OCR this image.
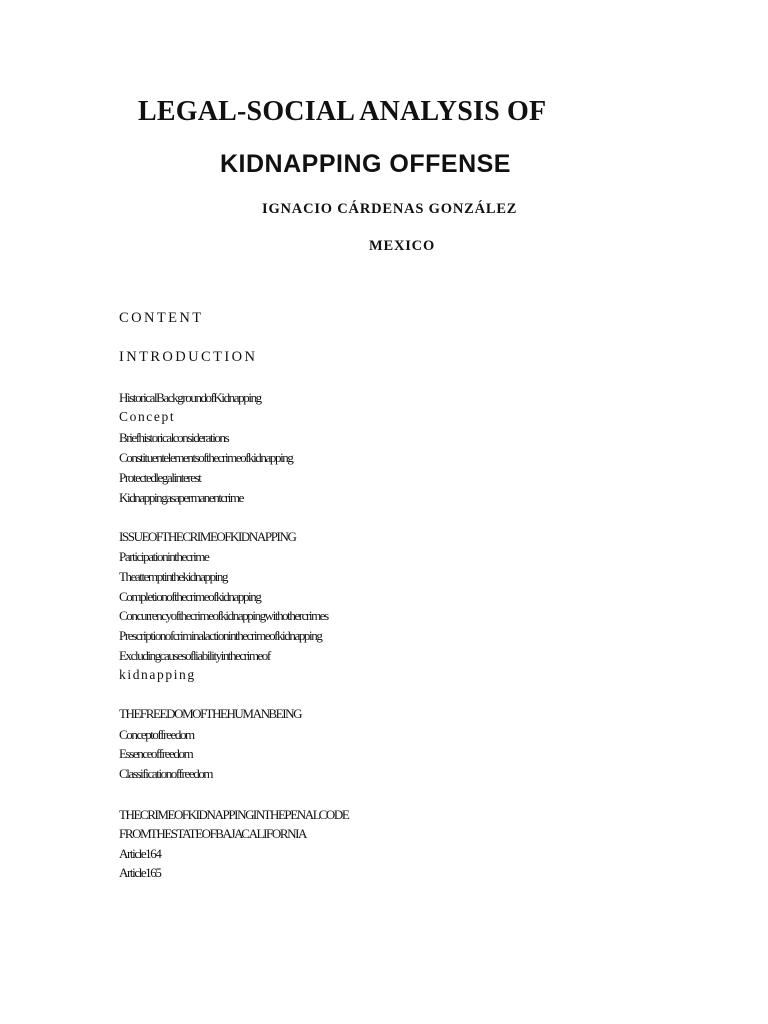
LEGAL-SOCIAL ANALYSIS OF
KIDNAPPING OFFENSE
IGNACIO CÁRDENAS GONZÁLEZ
MEXICO
CONTENT
INTRODUCTION
Historical Background of Kidnapping
Concept
Brief historical considerations
Constituent elements of the crime of kidnapping
Protected legal interest
Kidnapping as a permanent crime
ISSUE OF THE CRIME OF KIDNAPPING
Participation in the crime
The attempt in the kidnapping
Completion of the crime of kidnapping
Concurrency of the crime of kidnapping with other crimes
Prescription of criminal action in the crime of kidnapping
Excluding causes of liability in the crime of
kidnapping
THE FREEDOM OF THE HUMAN BEING
Concept of freedom
Essence of freedom
Classification of freedom
THE CRIME OF KIDNAPPING IN THE PENAL CODE
FROM THE STATE OF BAJA CALIFORNIA
Article 164
Article 165
